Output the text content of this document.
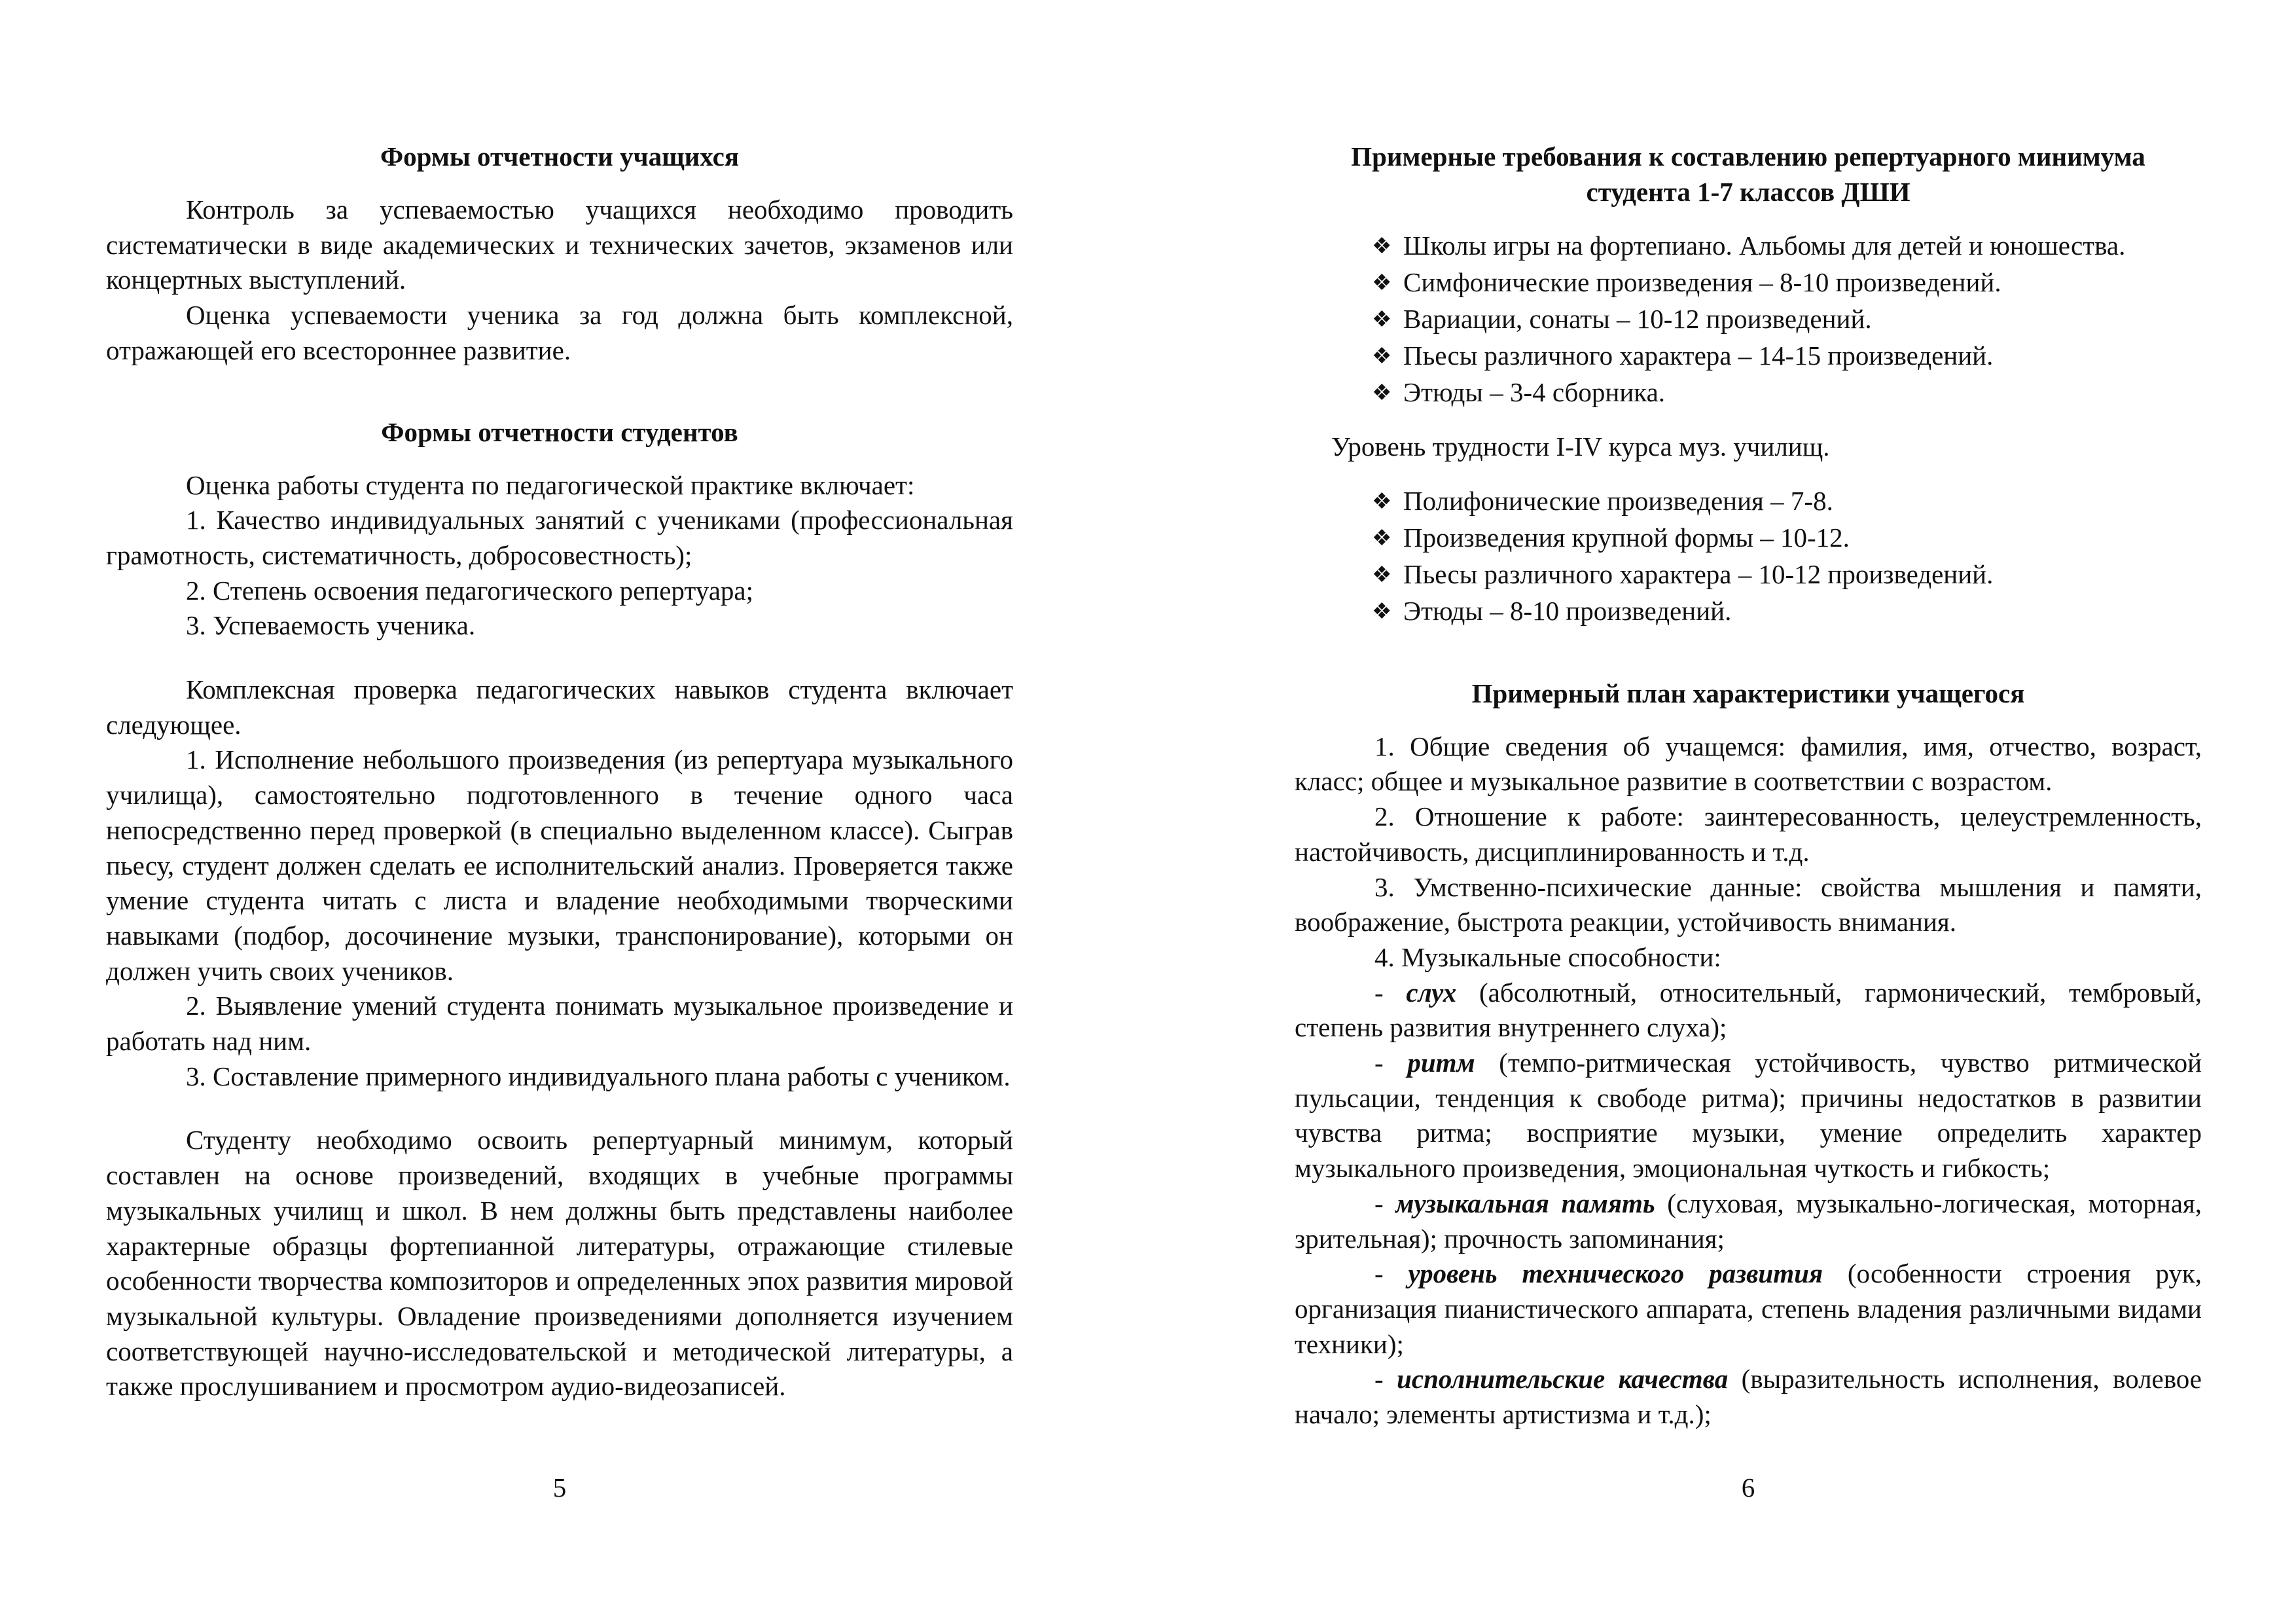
Формы отчетности учащихся

Контроль за успеваемостью учащихся необходимо проводить систематически в виде академических и технических зачетов, экзаменов или концертных выступлений.

Оценка успеваемости ученика за год должна быть комплексной, отражающей его всестороннее развитие.

Формы отчетности студентов

Оценка работы студента по педагогической практике включает:

1. Качество индивидуальных занятий с учениками (профессиональная грамотность, систематичность, добросовестность);

2. Степень освоения педагогического репертуара;

3. Успеваемость ученика.

Комплексная проверка педагогических навыков студента включает следующее.

1. Исполнение небольшого произведения (из репертуара музыкального училища), самостоятельно подготовленного в течение одного часа непосредственно перед проверкой (в специально выделенном классе). Сыграв пьесу, студент должен сделать ее исполнительский анализ. Проверяется также умение студента читать с листа и владение необходимыми творческими навыками (подбор, досочинение музыки, транспонирование), которыми он должен учить своих учеников.

2. Выявление умений студента понимать музыкальное произведение и работать над ним.

3. Составление примерного индивидуального плана работы с учеником.

Студенту необходимо освоить репертуарный минимум, который составлен на основе произведений, входящих в учебные программы музыкальных училищ и школ. В нем должны быть представлены наиболее характерные образцы фортепианной литературы, отражающие стилевые особенности творчества композиторов и определенных эпох развития мировой музыкальной культуры. Овладение произведениями дополняется изучением соответствующей научно-исследовательской и методической литературы, а также прослушиванием и просмотром аудио-видеозаписей.

5

Примерные требования к составлению репертуарного минимума
студента 1-7 классов ДШИ

❖ Школы игры на фортепиано. Альбомы для детей и юношества.
❖ Симфонические произведения – 8-10 произведений.
❖ Вариации, сонаты – 10-12 произведений.
❖ Пьесы различного характера – 14-15 произведений.
❖ Этюды – 3-4 сборника.

Уровень трудности I-IV курса муз. училищ.

❖ Полифонические произведения – 7-8.
❖ Произведения крупной формы – 10-12.
❖ Пьесы различного характера – 10-12 произведений.
❖ Этюды – 8-10 произведений.

Примерный план характеристики учащегося

1. Общие сведения об учащемся: фамилия, имя, отчество, возраст, класс; общее и музыкальное развитие в соответствии с возрастом.

2. Отношение к работе: заинтересованность, целеустремленность, настойчивость, дисциплинированность и т.д.

3. Умственно-психические данные: свойства мышления и памяти, воображение, быстрота реакции, устойчивость внимания.

4. Музыкальные способности:

- слух (абсолютный, относительный, гармонический, тембровый, степень развития внутреннего слуха);

- ритм (темпо-ритмическая устойчивость, чувство ритмической пульсации, тенденция к свободе ритма); причины недостатков в развитии чувства ритма; восприятие музыки, умение определить характер музыкального произведения, эмоциональная чуткость и гибкость;

- музыкальная память (слуховая, музыкально-логическая, моторная, зрительная); прочность запоминания;

- уровень технического развития (особенности строения рук, организация пианистического аппарата, степень владения различными видами техники);

- исполнительские качества (выразительность исполнения, волевое начало; элементы артистизма и т.д.);

6
